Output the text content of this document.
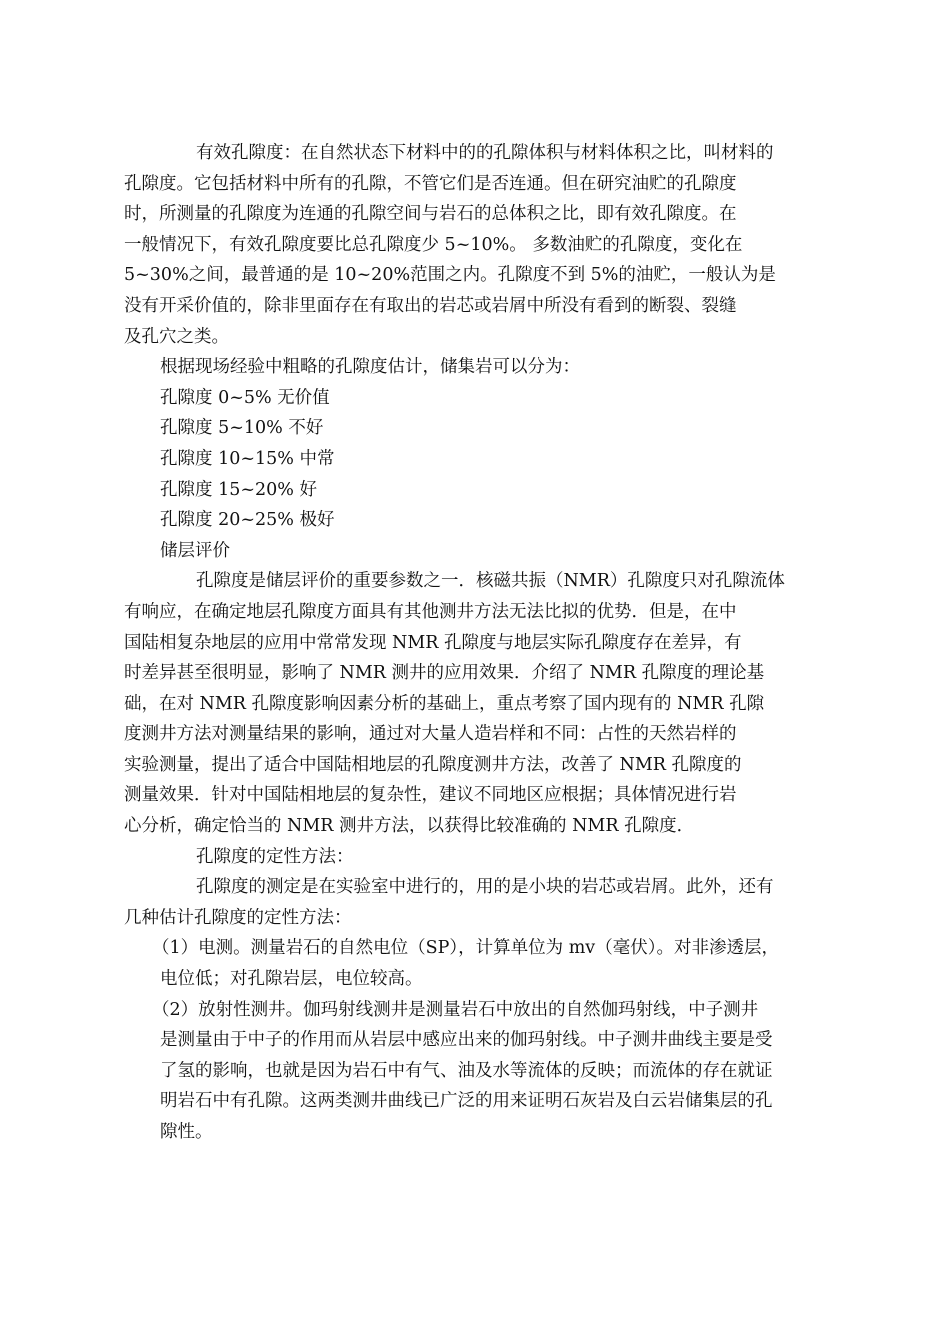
有效孔隙度：在自然状态下材料中的的孔隙体积与材料体积之比，叫材料的
孔隙度。它包括材料中所有的孔隙，不管它们是否连通。但在研究油贮的孔隙度
时，所测量的孔隙度为连通的孔隙空间与岩石的总体积之比，即有效孔隙度。在
一般情况下，有效孔隙度要比总孔隙度少 5~10%。 多数油贮的孔隙度，变化在
5~30%之间，最普通的是 10~20%范围之内。孔隙度不到 5%的油贮，一般认为是
没有开采价值的，除非里面存在有取出的岩芯或岩屑中所没有看到的断裂、裂缝
及孔穴之类。

根据现场经验中粗略的孔隙度估计，储集岩可以分为：

孔隙度 0~5% 无价值

孔隙度 5~10% 不好

孔隙度 10~15% 中常

孔隙度 15~20% 好

孔隙度 20~25% 极好

储层评价

孔隙度是储层评价的重要参数之一．核磁共振（NMR）孔隙度只对孔隙流体
有响应，在确定地层孔隙度方面具有其他测井方法无法比拟的优势．但是，在中
国陆相复杂地层的应用中常常发现 NMR 孔隙度与地层实际孔隙度存在差异，有
时差异甚至很明显，影响了 NMR 测井的应用效果．介绍了 NMR 孔隙度的理论基
础，在对 NMR 孔隙度影响因素分析的基础上，重点考察了国内现有的 NMR 孔隙
度测井方法对测量结果的影响，通过对大量人造岩样和不同：占性的天然岩样的
实验测量，提出了适合中国陆相地层的孔隙度测井方法，改善了 NMR 孔隙度的
测量效果．针对中国陆相地层的复杂性，建议不同地区应根据；具体情况进行岩
心分析，确定恰当的 NMR 测井方法，以获得比较准确的 NMR 孔隙度．

孔隙度的定性方法：

孔隙度的测定是在实验室中进行的，用的是小块的岩芯或岩屑。此外，还有
几种估计孔隙度的定性方法：

（1）电测。测量岩石的自然电位（SP），计算单位为 mv（毫伏）。对非渗透层，
电位低；对孔隙岩层，电位较高。

（2）放射性测井。伽玛射线测井是测量岩石中放出的自然伽玛射线，中子测井
是测量由于中子的作用而从岩层中感应出来的伽玛射线。中子测井曲线主要是受
了氢的影响，也就是因为岩石中有气、油及水等流体的反映；而流体的存在就证
明岩石中有孔隙。这两类测井曲线已广泛的用来证明石灰岩及白云岩储集层的孔
隙性。
